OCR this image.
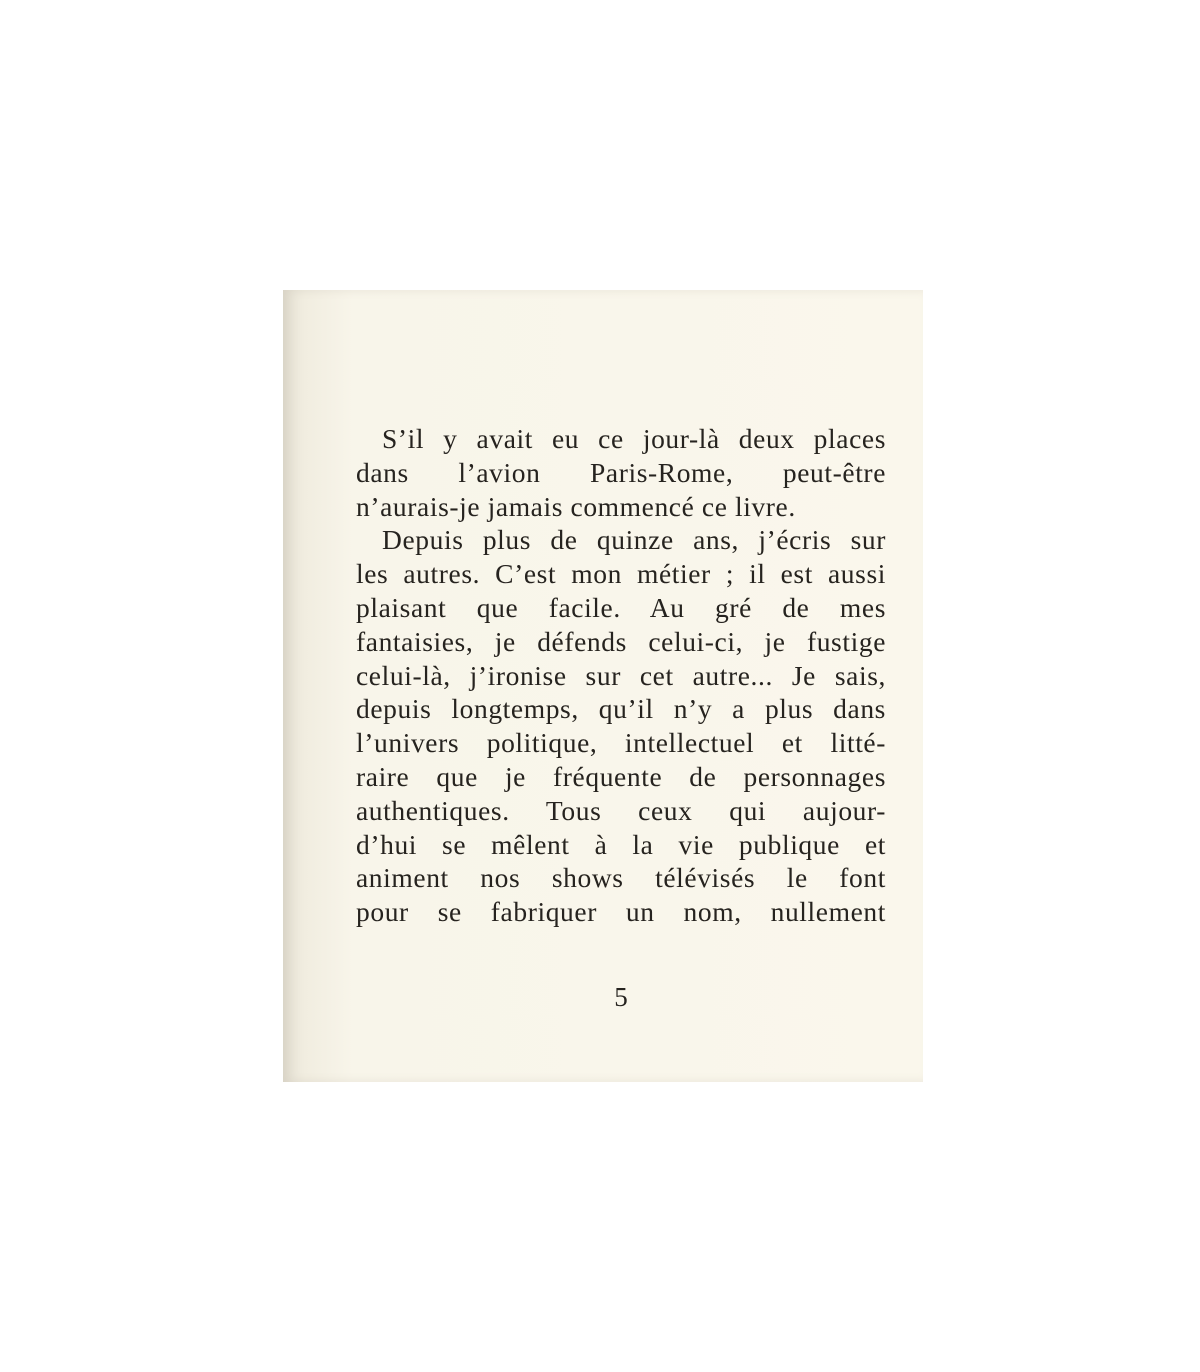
S’il y avait eu ce jour-là deux places
dans l’avion Paris-Rome, peut-être
n’aurais-je jamais commencé ce livre.
Depuis plus de quinze ans, j’écris sur
les autres. C’est mon métier ; il est aussi
plaisant que facile. Au gré de mes
fantaisies, je défends celui-ci, je fustige
celui-là, j’ironise sur cet autre... Je sais,
depuis longtemps, qu’il n’y a plus dans
l’univers politique, intellectuel et litté-
raire que je fréquente de personnages
authentiques. Tous ceux qui aujour-
d’hui se mêlent à la vie publique et
animent nos shows télévisés le font
pour se fabriquer un nom, nullement
5
